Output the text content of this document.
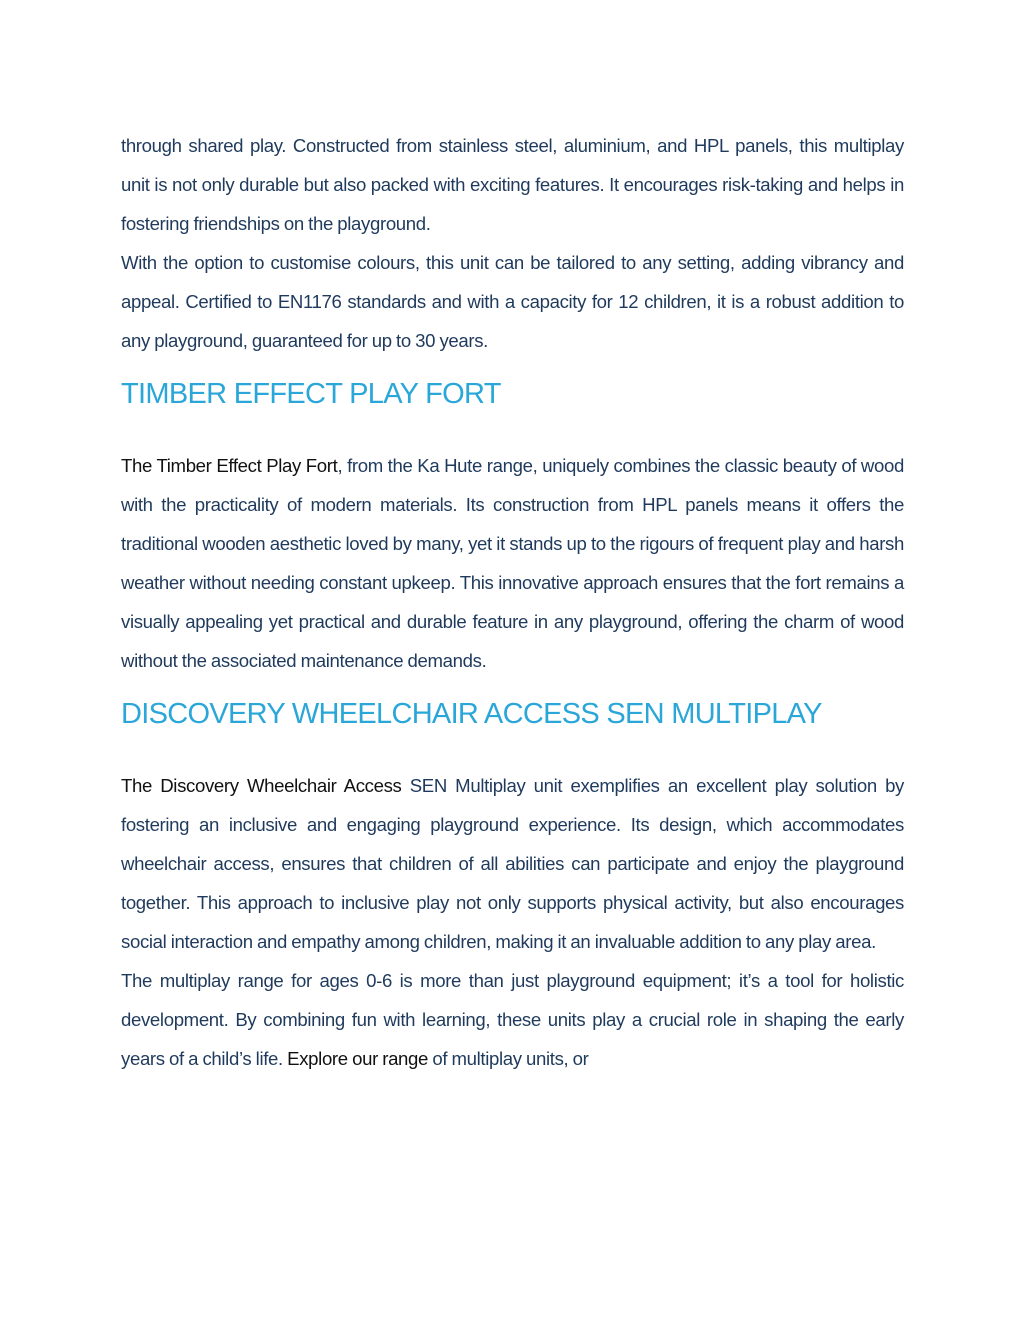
through shared play. Constructed from stainless steel, aluminium, and HPL panels, this multiplay unit is not only durable but also packed with exciting features. It encourages risk-taking and helps in fostering friendships on the playground.

With the option to customise colours, this unit can be tailored to any setting, adding vibrancy and appeal. Certified to EN1176 standards and with a capacity for 12 children, it is a robust addition to any playground, guaranteed for up to 30 years.

TIMBER EFFECT PLAY FORT

The Timber Effect Play Fort, from the Ka Hute range, uniquely combines the classic beauty of wood with the practicality of modern materials. Its construction from HPL panels means it offers the traditional wooden aesthetic loved by many, yet it stands up to the rigours of frequent play and harsh weather without needing constant upkeep. This innovative approach ensures that the fort remains a visually appealing yet practical and durable feature in any playground, offering the charm of wood without the associated maintenance demands.

DISCOVERY WHEELCHAIR ACCESS SEN MULTIPLAY

The Discovery Wheelchair Access SEN Multiplay unit exemplifies an excellent play solution by fostering an inclusive and engaging playground experience. Its design, which accommodates wheelchair access, ensures that children of all abilities can participate and enjoy the playground together. This approach to inclusive play not only supports physical activity, but also encourages social interaction and empathy among children, making it an invaluable addition to any play area.

The multiplay range for ages 0-6 is more than just playground equipment; it’s a tool for holistic development. By combining fun with learning, these units play a crucial role in shaping the early years of a child’s life. Explore our range of multiplay units, or
